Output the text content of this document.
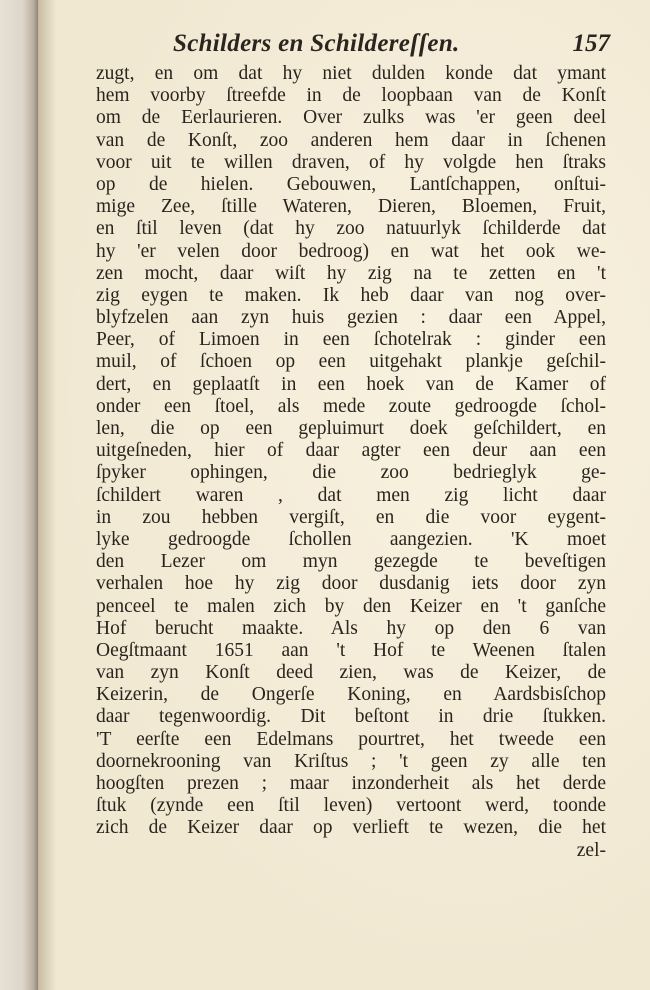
Schilders en Schildereſſen.	157
zugt, en om dat hy niet dulden konde dat ymant
hem voorby ſtreefde in de loopbaan van de Konſt
om de Eerlaurieren. Over zulks was 'er geen deel
van de Konſt, zoo anderen hem daar in ſchenen
voor uit te willen draven, of hy volgde hen ſtraks
op de hielen. Gebouwen, Lantſchappen, onſtui-
mige Zee, ſtille Wateren, Dieren, Bloemen, Fruit,
en ſtil leven (dat hy zoo natuurlyk ſchilderde dat
hy 'er velen door bedroog) en wat het ook we-
zen mocht, daar wiſt hy zig na te zetten en 't
zig eygen te maken. Ik heb daar van nog over-
blyfzelen aan zyn huis gezien : daar een Appel,
Peer, of Limoen in een ſchotelrak : ginder een
muil, of ſchoen op een uitgehakt plankje geſchil-
dert, en geplaatſt in een hoek van de Kamer of
onder een ſtoel, als mede zoute gedroogde ſchol-
len, die op een gepluimurt doek geſchildert, en
uitgeſneden, hier of daar agter een deur aan een
ſpyker ophingen, die zoo bedrieglyk ge-
ſchildert waren , dat men zig licht daar
in zou hebben vergiſt, en die voor eygent-
lyke gedroogde ſchollen aangezien. 'K moet
den Lezer om myn gezegde te beveſtigen
verhalen hoe hy zig door dusdanig iets door zyn
penceel te malen zich by den Keizer en 't ganſche
Hof berucht maakte. Als hy op den 6 van
Oegſtmaant 1651 aan 't Hof te Weenen ſtalen
van zyn Konſt deed zien, was de Keizer, de
Keizerin, de Ongerſe Koning, en Aardsbisſchop
daar tegenwoordig. Dit beſtont in drie ſtukken.
'T eerſte een Edelmans pourtret, het tweede een
doornekrooning van Kriſtus ; 't geen zy alle ten
hoogſten prezen ; maar inzonderheit als het derde
ſtuk (zynde een ſtil leven) vertoont werd, toonde
zich de Keizer daar op verlieft te wezen, die het
zel-
